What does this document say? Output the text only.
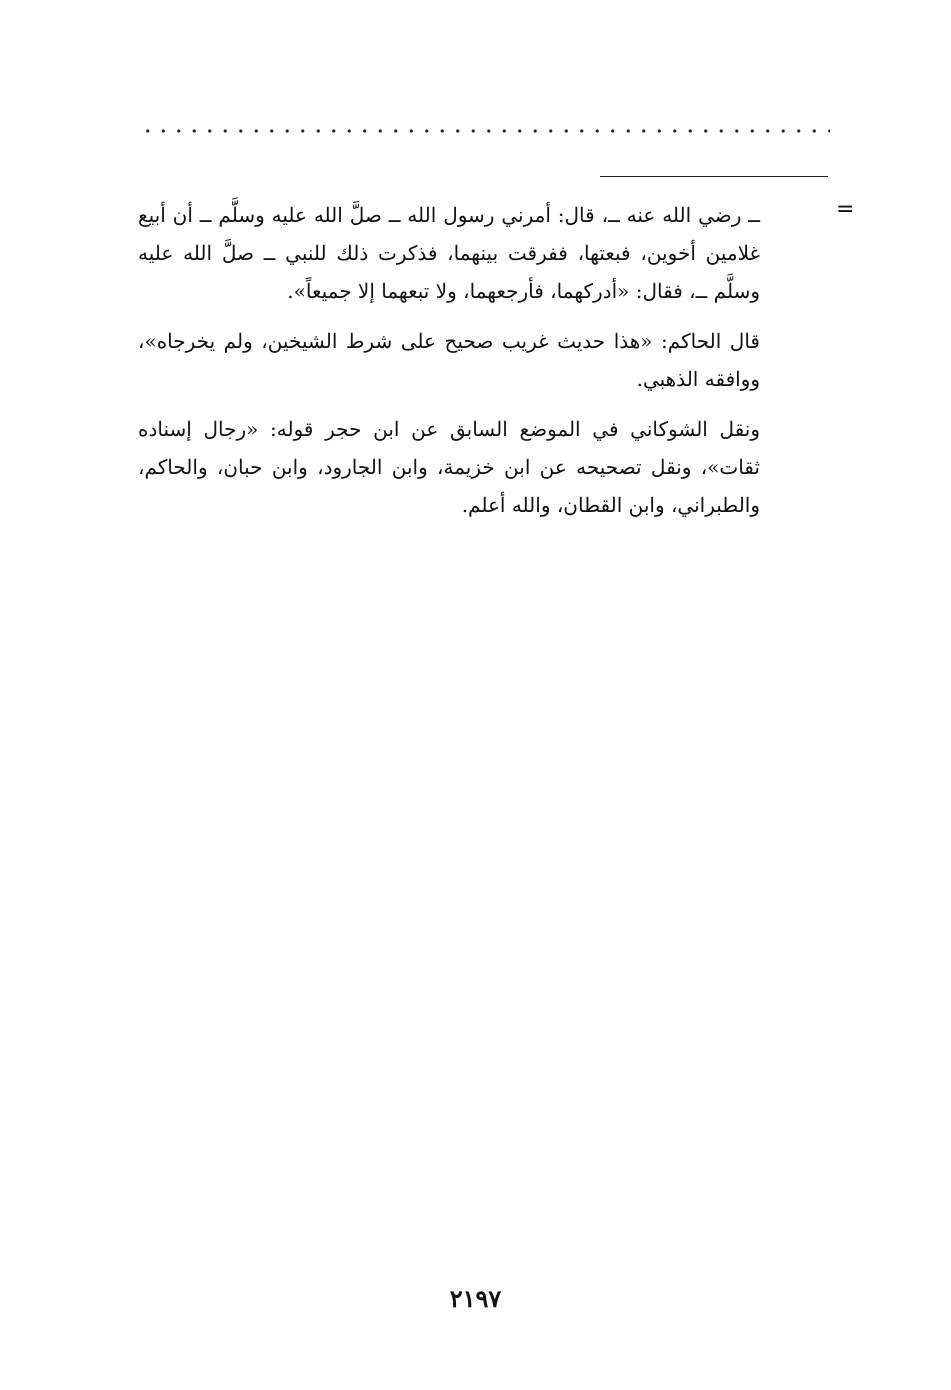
=

ــ رضي الله عنه ــ، قال: أمرني رسول الله ــ صلَّ الله عليه وسلَّم ــ أن أبيع غلامين أخوين، فبعتها، ففرقت بينهما، فذكرت ذلك للنبي ــ صلَّ الله عليه وسلَّم ــ، فقال: «أدركهما، فأرجعهما، ولا تبعهما إلا جميعاً».

قال الحاكم: «هذا حديث غريب صحيح على شرط الشيخين، ولم يخرجاه»، ووافقه الذهبي.

ونقل الشوكاني في الموضع السابق عن ابن حجر قوله: «رجال إسناده ثقات»، ونقل تصحيحه عن ابن خزيمة، وابن الجارود، وابن حبان، والحاكم، والطبراني، وابن القطان، والله أعلم.

٢١٩٧
